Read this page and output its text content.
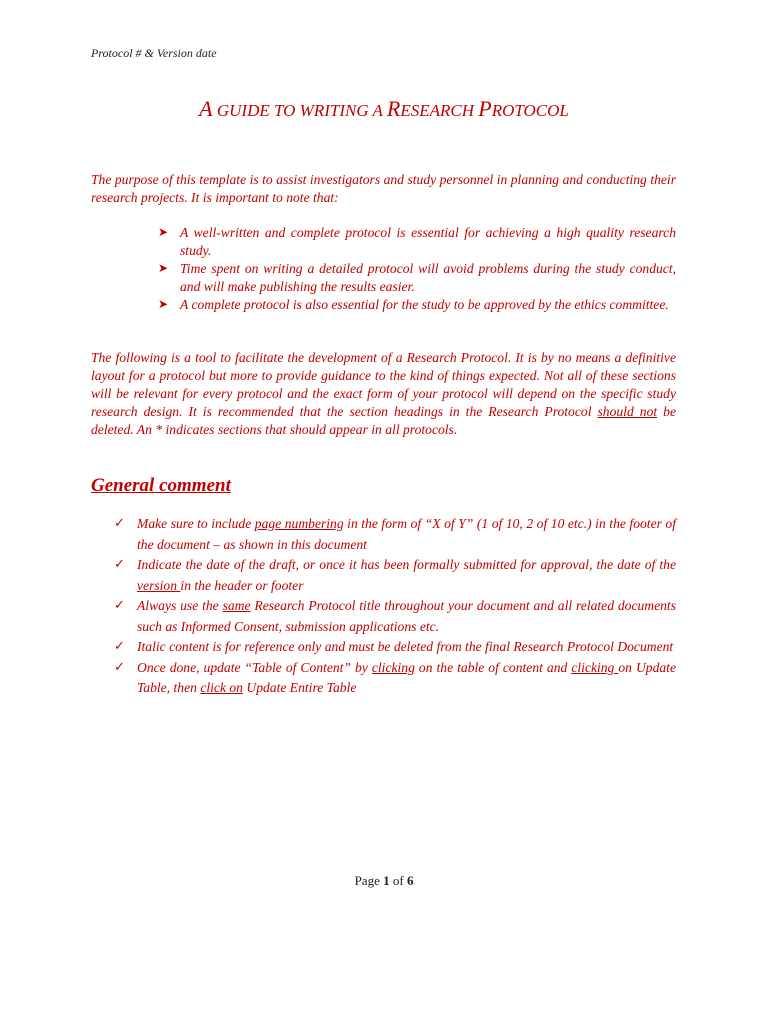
Protocol # & Version date
A GUIDE TO WRITING A RESEARCH PROTOCOL
The purpose of this template is to assist investigators and study personnel in planning and conducting their research projects. It is important to note that:
➤ A well-written and complete protocol is essential for achieving a high quality research study.
➤ Time spent on writing a detailed protocol will avoid problems during the study conduct, and will make publishing the results easier.
➤ A complete protocol is also essential for the study to be approved by the ethics committee.
The following is a tool to facilitate the development of a Research Protocol. It is by no means a definitive layout for a protocol but more to provide guidance to the kind of things expected. Not all of these sections will be relevant for every protocol and the exact form of your protocol will depend on the specific study research design. It is recommended that the section headings in the Research Protocol should not be deleted. An * indicates sections that should appear in all protocols.
General comment
✓ Make sure to include page numbering in the form of “X of Y” (1 of 10, 2 of 10 etc.) in the footer of the document – as shown in this document
✓ Indicate the date of the draft, or once it has been formally submitted for approval, the date of the version in the header or footer
✓ Always use the same Research Protocol title throughout your document and all related documents such as Informed Consent, submission applications etc.
✓ Italic content is for reference only and must be deleted from the final Research Protocol Document
✓ Once done, update “Table of Content” by clicking on the table of content and clicking on Update Table, then click on Update Entire Table
Page 1 of 6
